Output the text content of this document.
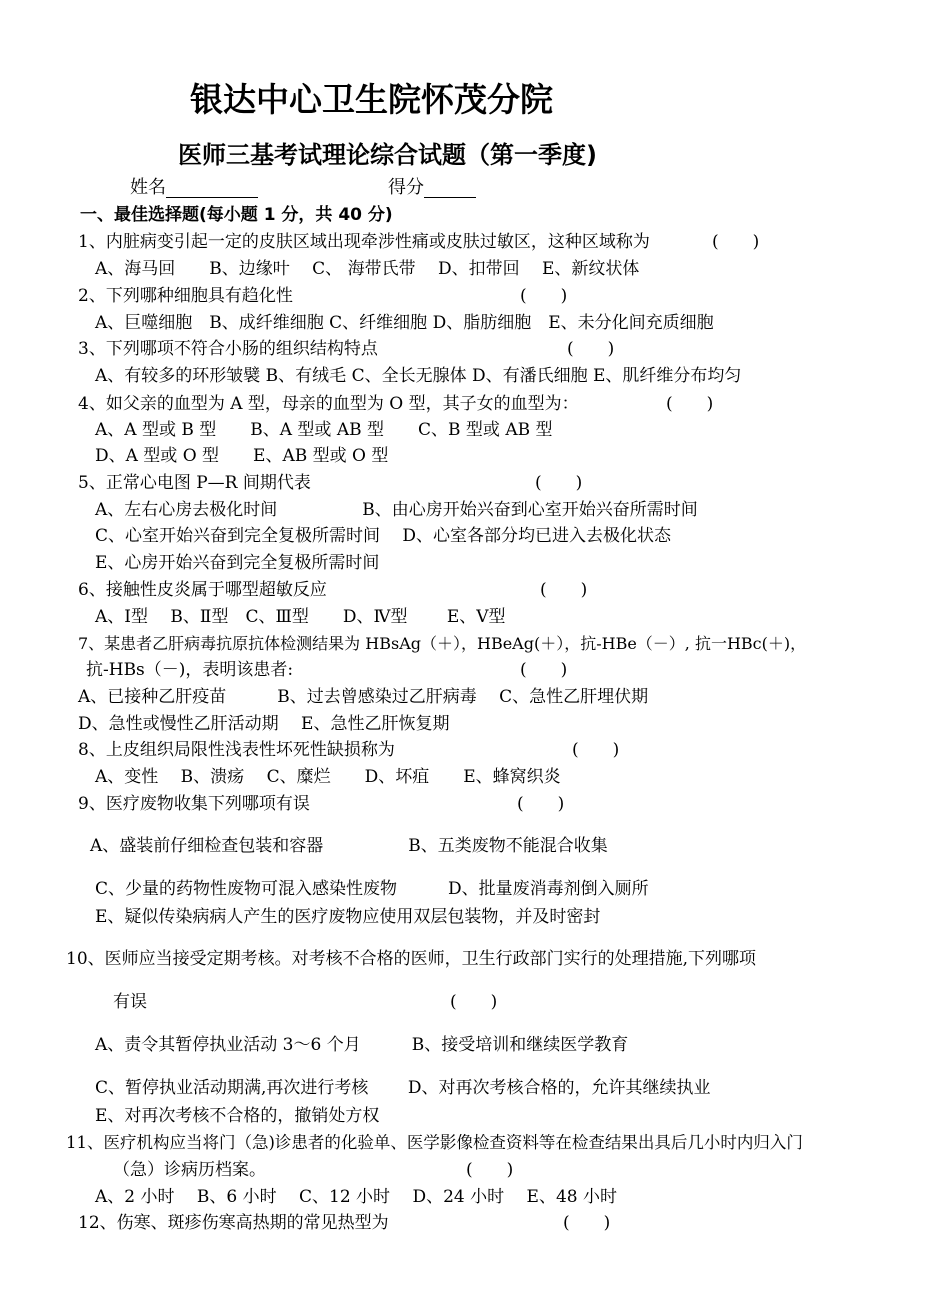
银达中心卫生院怀茂分院
医师三基考试理论综合试题（第一季度)
姓名	得分
一、最佳选择题(每小题 1 分，共 40 分)
1、内脏病变引起一定的皮肤区域出现牵涉性痛或皮肤过敏区，这种区域称为	(　　)
A、海马回　　B、边缘叶　 C、 海带氏带　 D、扣带回　 E、新纹状体
2、下列哪种细胞具有趋化性	(　　)
A、巨噬细胞　B、成纤维细胞 C、纤维细胞 D、脂肪细胞　E、未分化间充质细胞
3、下列哪项不符合小肠的组织结构特点	(　　)
A、有较多的环形皱襞 B、有绒毛 C、全长无腺体 D、有潘氏细胞 E、肌纤维分布均匀
4、如父亲的血型为 A 型，母亲的血型为 O 型，其子女的血型为：	(　　)
A、A 型或 B 型　　B、A 型或 AB 型　　C、B 型或 AB 型
D、A 型或 O 型　　E、AB 型或 O 型
5、正常心电图 P—R 间期代表	(　　)
A、左右心房去极化时间　　　　　B、由心房开始兴奋到心室开始兴奋所需时间
C、心室开始兴奋到完全复极所需时间　 D、心室各部分均已进入去极化状态
E、心房开始兴奋到完全复极所需时间
6、接触性皮炎属于哪型超敏反应	(　　)
A、Ⅰ型　 B、Ⅱ型　C、Ⅲ型　　D、Ⅳ型　　 E、Ⅴ型
7、某患者乙肝病毒抗原抗体检测结果为 HBsAg（＋），HBeAg(＋），抗-HBe（－）, 抗一HBc(＋)，
抗-HBs（－)，表明该患者:	(　　)
A、已接种乙肝疫苗　　　B、过去曾感染过乙肝病毒　 C、急性乙肝埋伏期
D、急性或慢性乙肝活动期　 E、急性乙肝恢复期
8、上皮组织局限性浅表性坏死性缺损称为	(　　)
A、变性　 B、溃疡　 C、糜烂　　D、坏疽　　E、蜂窝织炎
9、医疗废物收集下列哪项有误	(　　)
A、盛装前仔细检查包装和容器　　　　　B、五类废物不能混合收集
C、少量的药物性废物可混入感染性废物　　　D、批量废消毒剂倒入厕所
E、疑似传染病病人产生的医疗废物应使用双层包装物，并及时密封
10、医师应当接受定期考核。对考核不合格的医师，卫生行政部门实行的处理措施,下列哪项
有误	(　　)
A、责令其暂停执业活动 3～6 个月　　　B、接受培训和继续医学教育
C、暂停执业活动期满,再次进行考核　　 D、对再次考核合格的，允许其继续执业
E、对再次考核不合格的，撤销处方权
11、医疗机构应当将门（急)诊患者的化验单、医学影像检查资料等在检查结果出具后几小时内归入门
（急）诊病历档案。	(　　)
A、2 小时　 B、6 小时　 C、12 小时　 D、24 小时　 E、48 小时
12、伤寒、斑疹伤寒高热期的常见热型为	(　　)
